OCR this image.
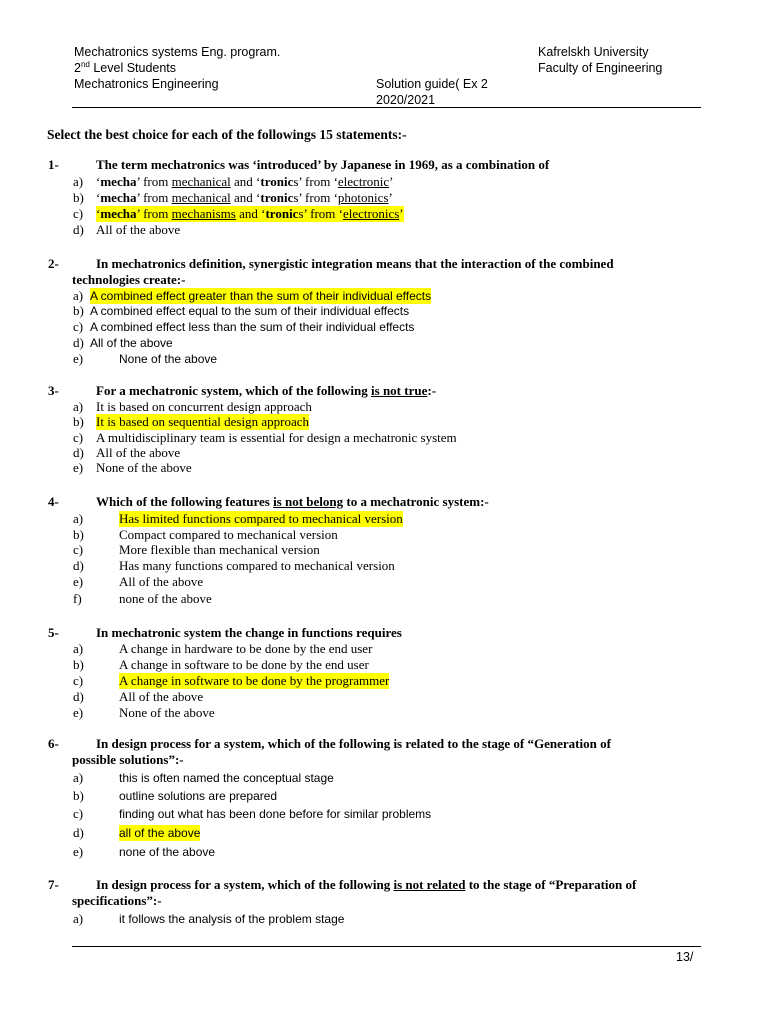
Mechatronics systems Eng. program.
2nd Level Students
Mechatronics Engineering	Solution guide( Ex 2
2020/2021
Kafrelskh University
Faculty of Engineering
Select the best choice for each of the followings 15 statements:-
1-	The term mechatronics was ‘introduced’ by Japanese in 1969, as a combination of
a) ‘mecha’ from mechanical and ‘tronics’ from ‘electronic’
b) ‘mecha’ from mechanical and ‘tronics’ from ‘photonics’
c) ‘mecha’ from mechanisms and ‘tronics’ from ‘electronics’
d) All of the above
2-	In mechatronics definition, synergistic integration means that the interaction of the combined
technologies create:-
a) A combined effect greater than the sum of their individual effects
b) A combined effect equal to the sum of their individual effects
c) A combined effect less than the sum of their individual effects
d) All of the above
e)	None of the above
3-	For a mechatronic system, which of the following is not true:-
a) It is based on concurrent design approach
b) It is based on sequential design approach
c) A multidisciplinary team is essential for design a mechatronic system
d) All of the above
e) None of the above
4-	Which of the following features is not belong to a mechatronic system:-
a)	Has limited functions compared to mechanical version
b)	Compact compared to mechanical version
c)	More flexible than mechanical version
d)	Has many functions compared to mechanical version
e)	All of the above
f)	none of the above
5-	In mechatronic system the change in functions requires
a)	A change in hardware to be done by the end user
b)	A change in software to be done by the end user
c)	A change in software to be done by the programmer
d)	All of the above
e)	None of the above
6-	In design process for a system, which of the following is related to the stage of “Generation of
possible solutions”:-
a)	this is often named the conceptual stage
b)	outline solutions are prepared
c)	finding out what has been done before for similar problems
d)	all of the above
e)	none of the above
7-	In design process for a system, which of the following is not related to the stage of “Preparation of
specifications”:-
a)	it follows the analysis of the problem stage
13/
